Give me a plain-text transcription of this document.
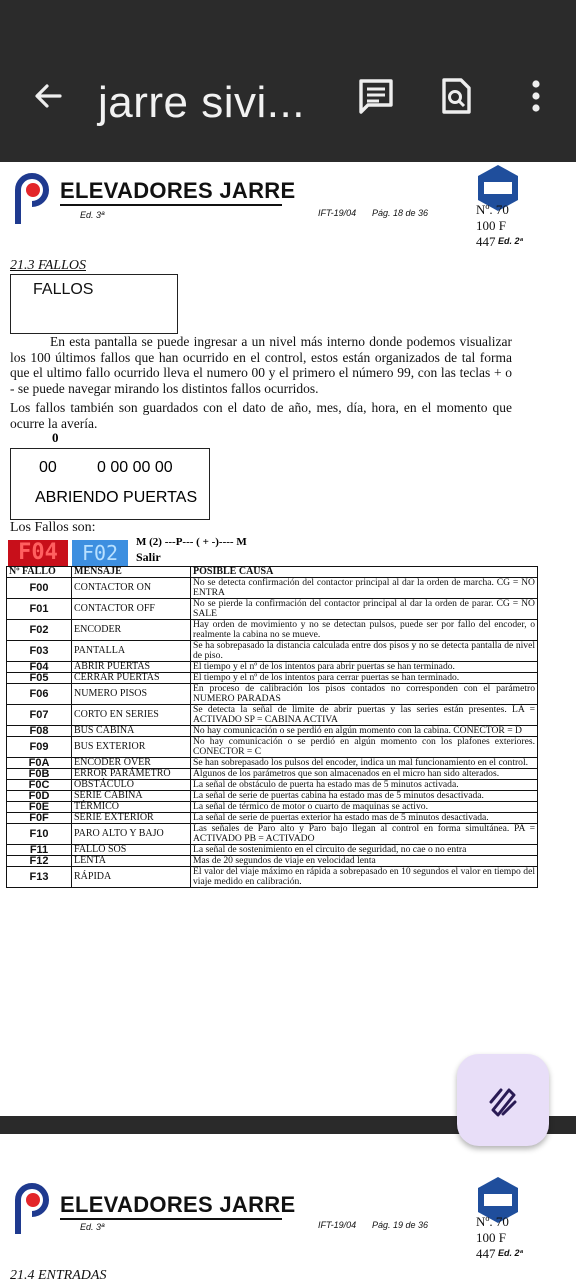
jarre sivi...
ELEVADORES JARRE
Ed. 3ª	IFT-19/04 Pág. 18 de 36	Nº. 70
100 F
447 Ed. 2ª
21.3 FALLOS
FALLOS
En esta pantalla se puede ingresar a un nivel más interno donde podemos visualizar los 100 últimos fallos que han ocurrido en el control, estos están organizados de tal forma que el ultimo fallo ocurrido lleva el numero 00 y el primero el número 99, con las teclas + o - se puede navegar mirando los distintos fallos ocurridos.
Los fallos también son guardados con el dato de año, mes, día, hora, en el momento que ocurre la avería.
0
00	0 00 00 00
ABRIENDO PUERTAS
Los Fallos son:
F04	F02	M (2) ---P--- ( + -)---- M
Salir
Nº FALLO	MENSAJE	POSIBLE CAUSA
F00	CONTACTOR ON	No se detecta confirmación del contactor principal al dar la orden de marcha. CG = NO ENTRA
F01	CONTACTOR OFF	No se pierde la confirmación del contactor principal al dar la orden de parar. CG = NO SALE
F02	ENCODER	Hay orden de movimiento y no se detectan pulsos, puede ser por fallo del encoder, o realmente la cabina no se mueve.
F03	PANTALLA	Se ha sobrepasado la distancia calculada entre dos pisos y no se detecta pantalla de nivel de piso.
F04	ABRIR PUERTAS	El tiempo y el nº de los intentos para abrir puertas se han terminado.
F05	CERRAR PUERTAS	El tiempo y el nº de los intentos para cerrar puertas se han terminado.
F06	NUMERO PISOS	En proceso de calibración los pisos contados no corresponden con el parámetro NUMERO PARADAS
F07	CORTO EN SERIES	Se detecta la señal de limite de abrir puertas y las series están presentes. LA = ACTIVADO SP = CABINA ACTIVA
F08	BUS CABINA	No hay comunicación o se perdió en algún momento con la cabina. CONECTOR = D
F09	BUS EXTERIOR	No hay comunicación o se perdió en algún momento con los plafones exteriores. CONECTOR = C
F0A	ENCODER OVER	Se han sobrepasado los pulsos del encoder, indica un mal funcionamiento en el control.
F0B	ERROR PARÁMETRO	Algunos de los parámetros que son almacenados en el micro han sido alterados.
F0C	OBSTÁCULO	La señal de obstáculo de puerta ha estado mas de 5 minutos activada.
F0D	SERIE CABINA	La señal de serie de puertas cabina ha estado mas de 5 minutos desactivada.
F0E	TÉRMICO	La señal de térmico de motor o cuarto de maquinas se activo.
F0F	SERIE EXTERIOR	La señal de serie de puertas exterior ha estado mas de 5 minutos desactivada.
F10	PARO ALTO Y BAJO	Las señales de Paro alto y Paro bajo llegan al control en forma simultánea. PA = ACTIVADO PB = ACTIVADO
F11	FALLO SOS	La señal de sostenimiento en el circuito de seguridad, no cae o no entra
F12	LENTA	Mas de 20 segundos de viaje en velocidad lenta
F13	RÁPIDA	El valor del viaje máximo en rápida a sobrepasado en 10 segundos el valor en tiempo del viaje medido en calibración.
ELEVADORES JARRE
Ed. 3ª	IFT-19/04 Pág. 19 de 36	Nº. 70
100 F
447 Ed. 2ª
21.4 ENTRADAS
